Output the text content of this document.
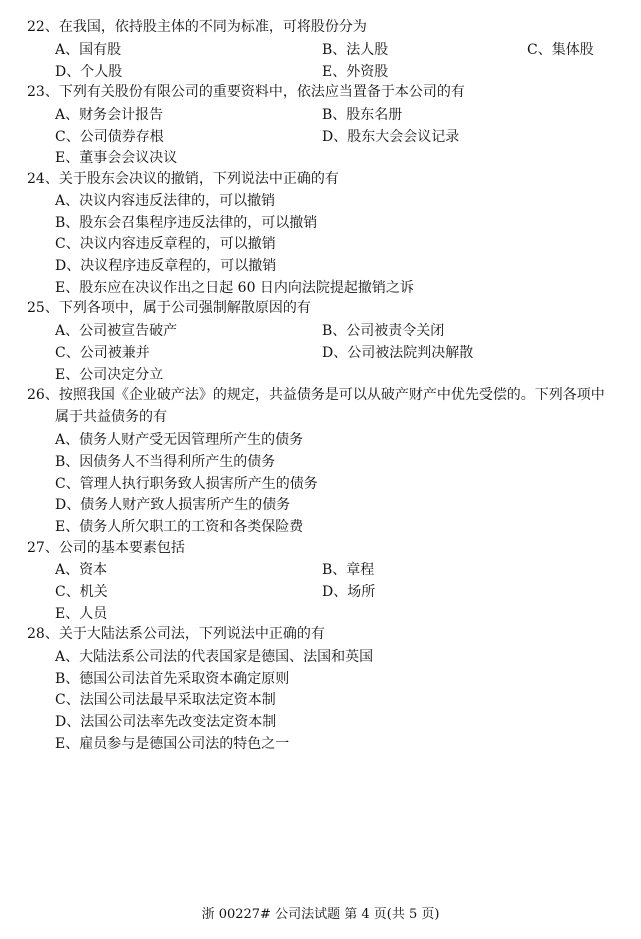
22、在我国，依持股主体的不同为标准，可将股份分为
A、国有股	B、法人股	C、集体股
D、个人股	E、外资股
23、下列有关股份有限公司的重要资料中，依法应当置备于本公司的有
A、财务会计报告	B、股东名册
C、公司债券存根	D、股东大会会议记录
E、董事会会议决议
24、关于股东会决议的撤销，下列说法中正确的有
A、决议内容违反法律的，可以撤销
B、股东会召集程序违反法律的，可以撤销
C、决议内容违反章程的，可以撤销
D、决议程序违反章程的，可以撤销
E、股东应在决议作出之日起 60 日内向法院提起撤销之诉
25、下列各项中，属于公司强制解散原因的有
A、公司被宣告破产	B、公司被责令关闭
C、公司被兼并	D、公司被法院判决解散
E、公司决定分立
26、按照我国《企业破产法》的规定，共益债务是可以从破产财产中优先受偿的。下列各项中属于共益债务的有
A、债务人财产受无因管理所产生的债务
B、因债务人不当得利所产生的债务
C、管理人执行职务致人损害所产生的债务
D、债务人财产致人损害所产生的债务
E、债务人所欠职工的工资和各类保险费
27、公司的基本要素包括
A、资本	B、章程
C、机关	D、场所
E、人员
28、关于大陆法系公司法，下列说法中正确的有
A、大陆法系公司法的代表国家是德国、法国和英国
B、德国公司法首先采取资本确定原则
C、法国公司法最早采取法定资本制
D、法国公司法率先改变法定资本制
E、雇员参与是德国公司法的特色之一
浙 00227# 公司法试题 第 4 页(共 5 页)
